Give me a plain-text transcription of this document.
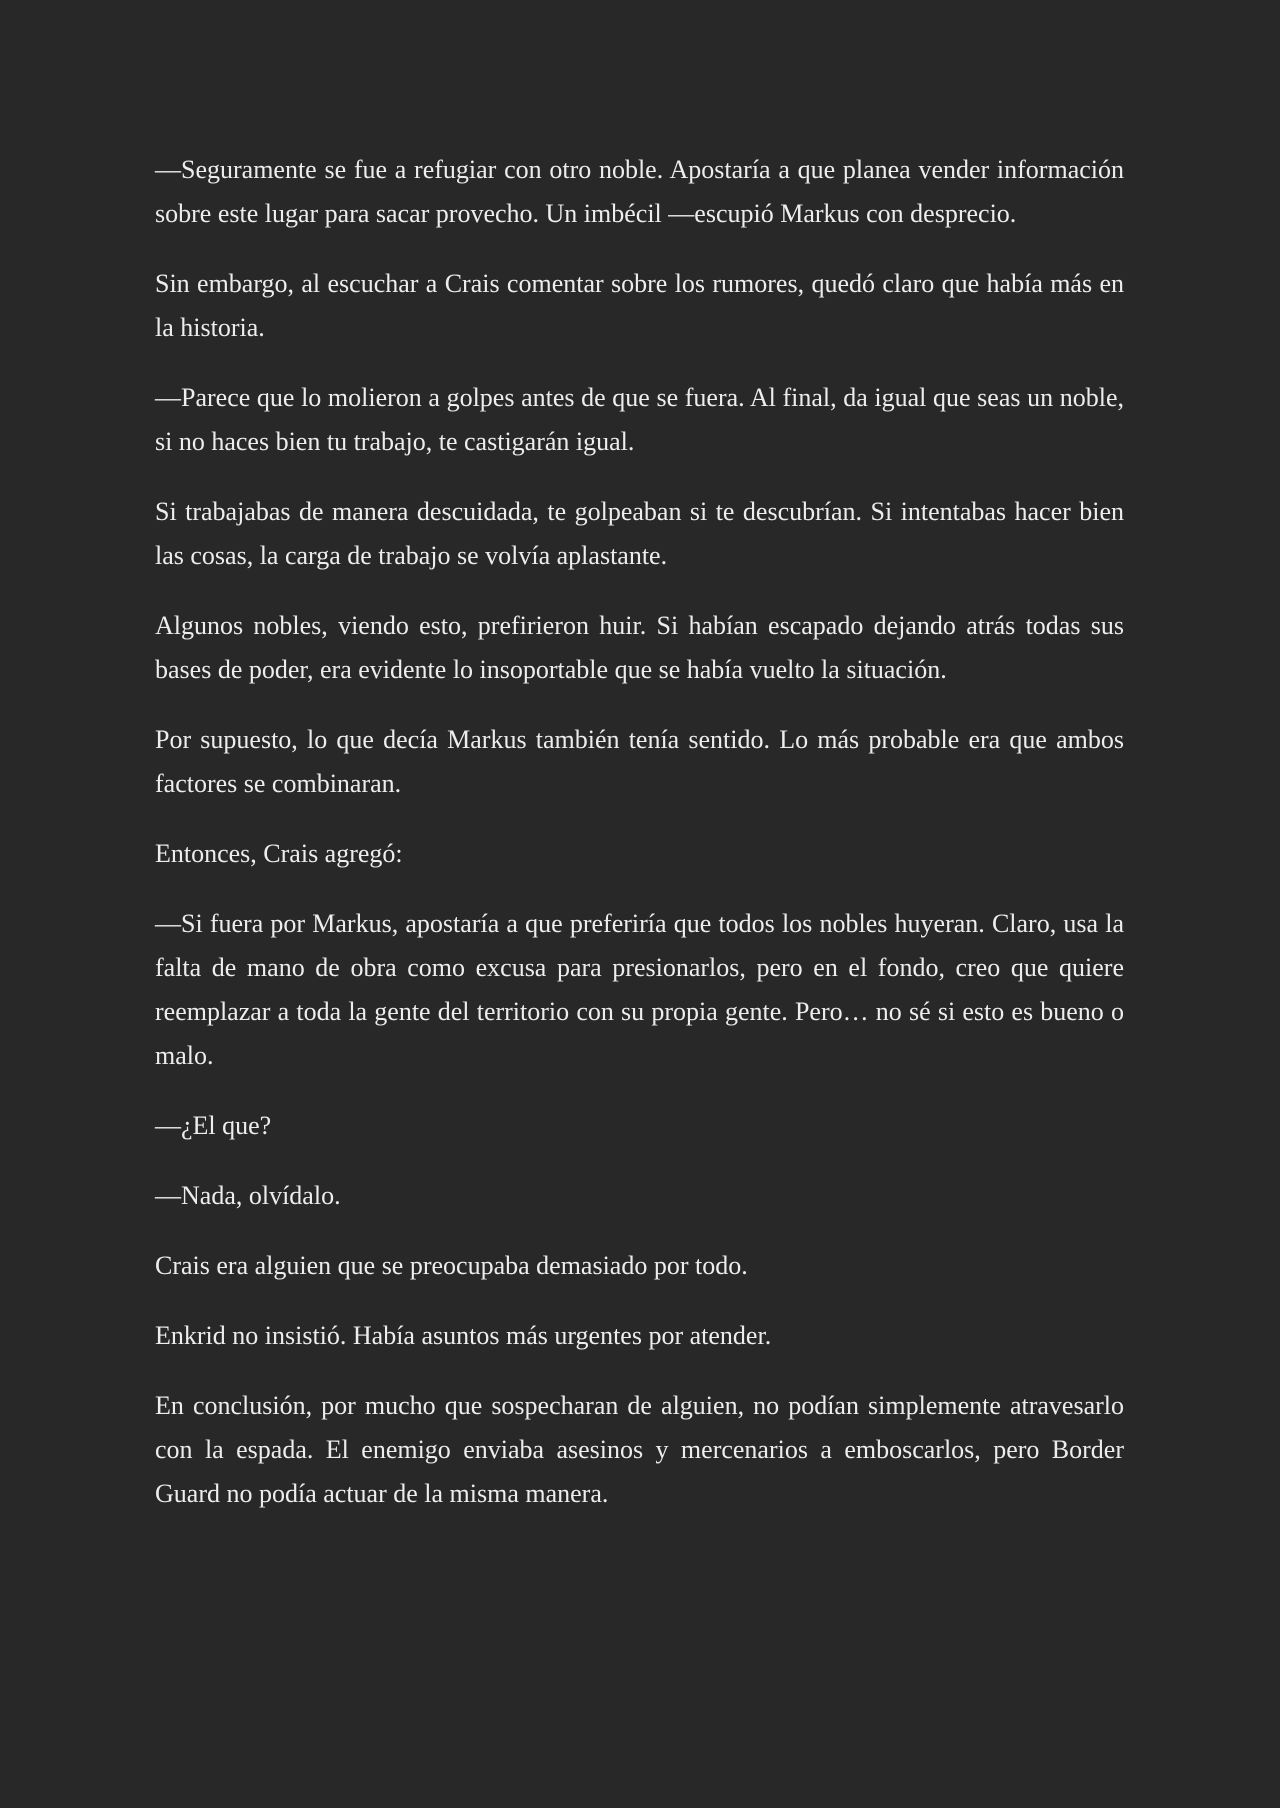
—Seguramente se fue a refugiar con otro noble. Apostaría a que planea vender información sobre este lugar para sacar provecho. Un imbécil —escupió Markus con desprecio.

Sin embargo, al escuchar a Crais comentar sobre los rumores, quedó claro que había más en la historia.

—Parece que lo molieron a golpes antes de que se fuera. Al final, da igual que seas un noble, si no haces bien tu trabajo, te castigarán igual.

Si trabajabas de manera descuidada, te golpeaban si te descubrían. Si intentabas hacer bien las cosas, la carga de trabajo se volvía aplastante.

Algunos nobles, viendo esto, prefirieron huir. Si habían escapado dejando atrás todas sus bases de poder, era evidente lo insoportable que se había vuelto la situación.

Por supuesto, lo que decía Markus también tenía sentido. Lo más probable era que ambos factores se combinaran.

Entonces, Crais agregó:

—Si fuera por Markus, apostaría a que preferiría que todos los nobles huyeran. Claro, usa la falta de mano de obra como excusa para presionarlos, pero en el fondo, creo que quiere reemplazar a toda la gente del territorio con su propia gente. Pero… no sé si esto es bueno o malo.

—¿El que?

—Nada, olvídalo.

Crais era alguien que se preocupaba demasiado por todo.

Enkrid no insistió. Había asuntos más urgentes por atender.

En conclusión, por mucho que sospecharan de alguien, no podían simplemente atravesarlo con la espada. El enemigo enviaba asesinos y mercenarios a emboscarlos, pero Border Guard no podía actuar de la misma manera.
